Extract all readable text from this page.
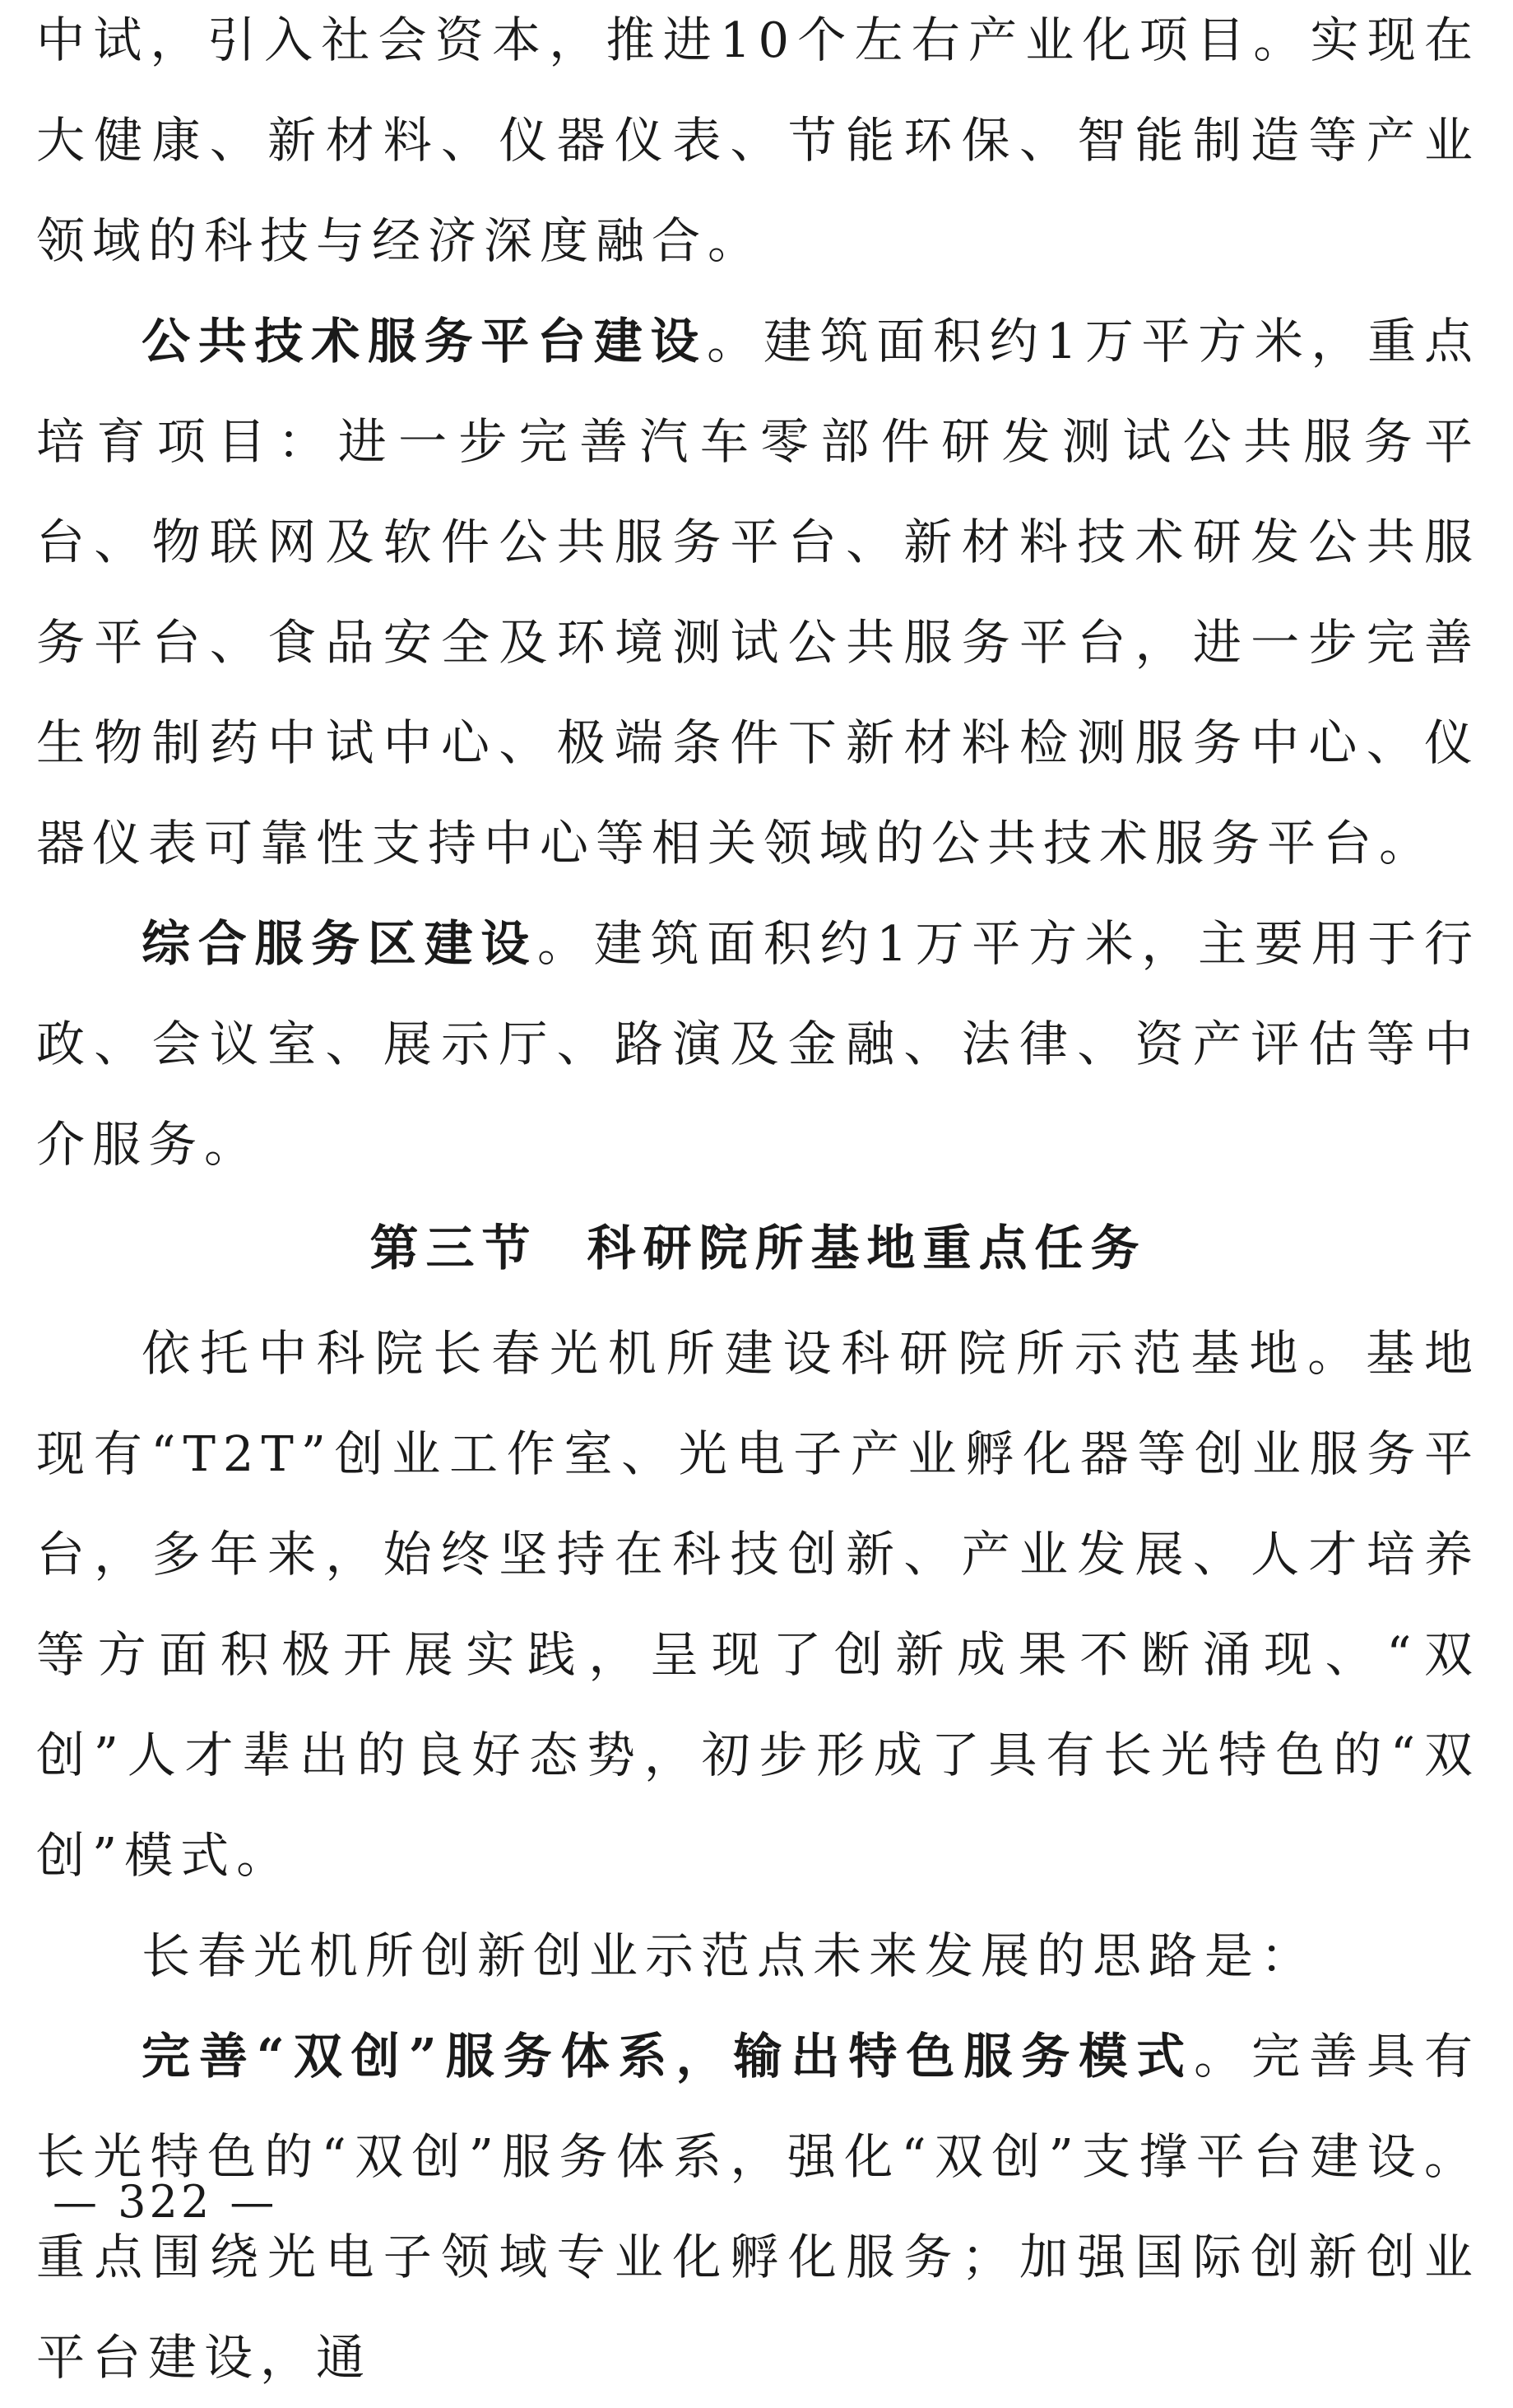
中试，引入社会资本，推进10个左右产业化项目。实现在大健康、新材料、仪器仪表、节能环保、智能制造等产业领域的科技与经济深度融合。

公共技术服务平台建设。建筑面积约1万平方米，重点培育项目：进一步完善汽车零部件研发测试公共服务平台、物联网及软件公共服务平台、新材料技术研发公共服务平台、食品安全及环境测试公共服务平台，进一步完善生物制药中试中心、极端条件下新材料检测服务中心、仪器仪表可靠性支持中心等相关领域的公共技术服务平台。

综合服务区建设。建筑面积约1万平方米，主要用于行政、会议室、展示厅、路演及金融、法律、资产评估等中介服务。

第三节 科研院所基地重点任务

依托中科院长春光机所建设科研院所示范基地。基地现有“T2T”创业工作室、光电子产业孵化器等创业服务平台，多年来，始终坚持在科技创新、产业发展、人才培养等方面积极开展实践，呈现了创新成果不断涌现、“双创”人才辈出的良好态势，初步形成了具有长光特色的“双创”模式。

长春光机所创新创业示范点未来发展的思路是：

完善“双创”服务体系，输出特色服务模式。完善具有长光特色的“双创”服务体系，强化“双创”支撑平台建设。重点围绕光电子领域专业化孵化服务；加强国际创新创业平台建设，通

— 322 —
